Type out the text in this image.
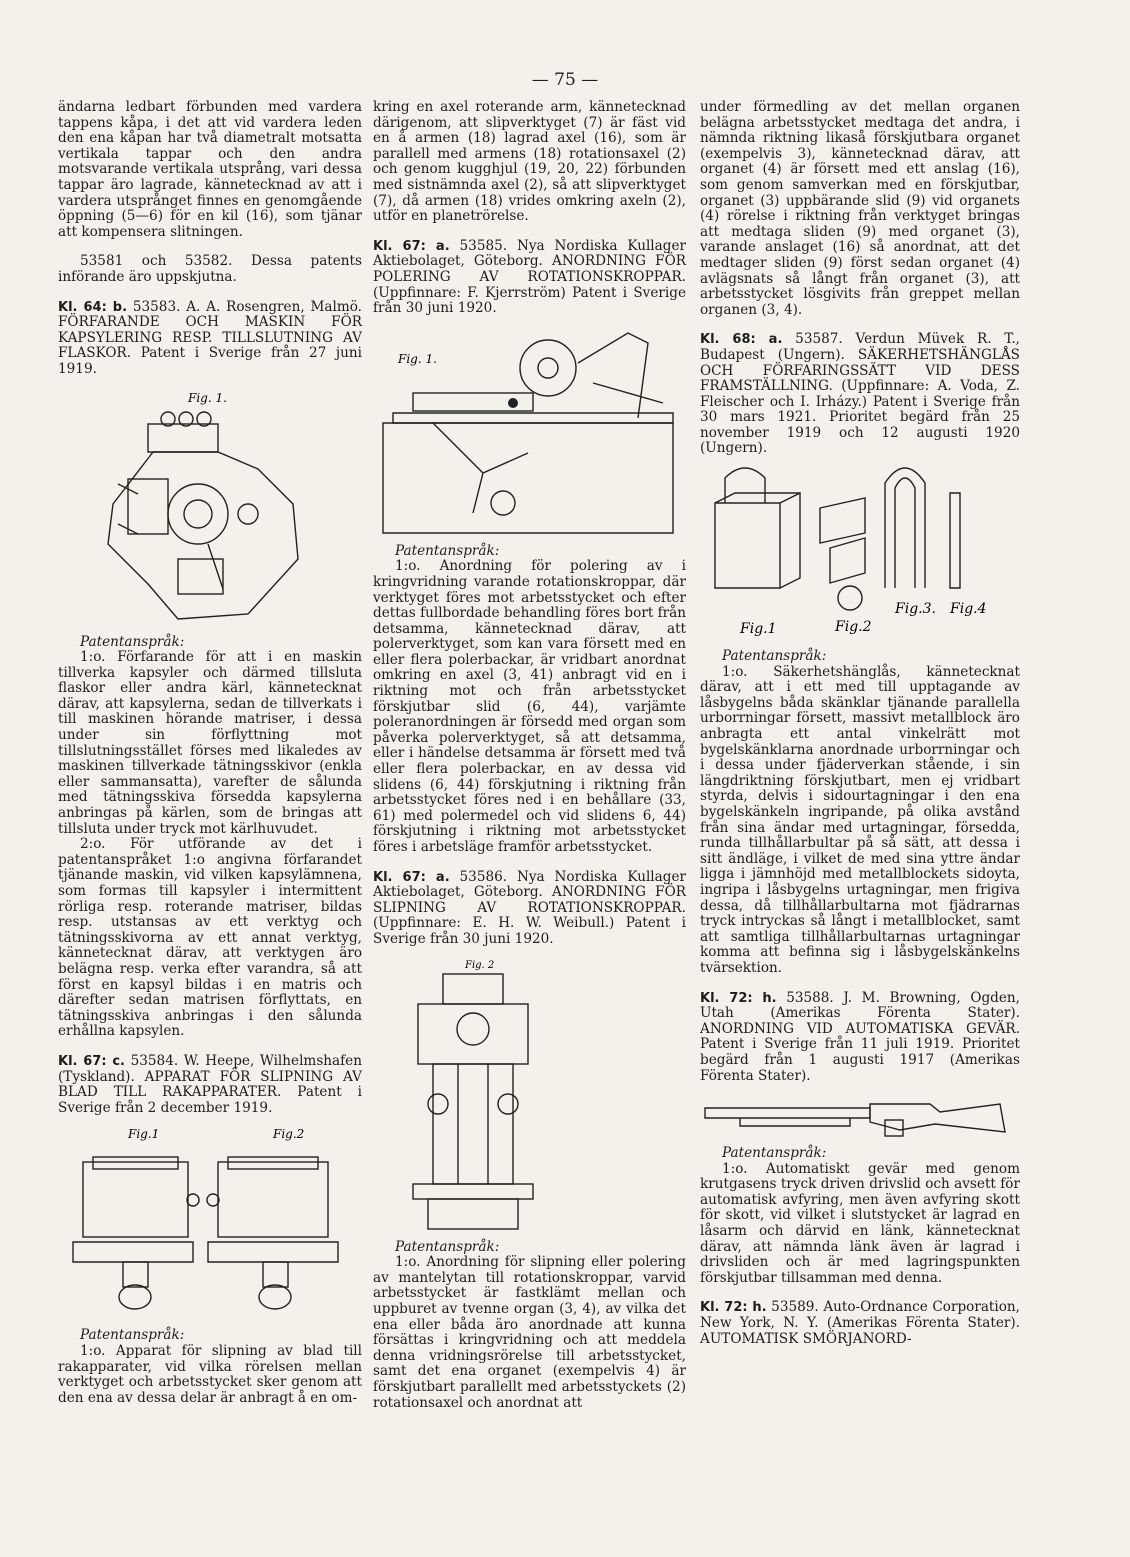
— 75 —

ändarna ledbart förbunden med vardera tappens kåpa, i det att vid vardera leden den ena kåpan har två diametralt motsatta vertikala tappar och den andra motsvarande vertikala utsprång, vari dessa tappar äro lagrade, kännetecknad av att i vardera utsprånget finnes en genomgående öppning (5—6) för en kil (16), som tjänar att kompensera slitningen.

53581 och 53582. Dessa patents införande äro uppskjutna.

Kl. 64: b. 53583. A. A. Rosengren, Malmö. FÖRFARANDE OCH MASKIN FÖR KAPSYLERING RESP. TILLSLUTNING AV FLASKOR. Patent i Sverige från 27 juni 1919.

Fig. 1.

Patentanspråk:

1:o. Förfarande för att i en maskin tillverka kapsyler och därmed tillsluta flaskor eller andra kärl, kännetecknat därav, att kapsylerna, sedan de tillverkats i till maskinen hörande matriser, i dessa under sin förflyttning mot tillslutningsstället förses med likaledes av maskinen tillverkade tätningsskivor (enkla eller sammansatta), varefter de sålunda med tätningsskiva försedda kapsylerna anbringas på kärlen, som de bringas att tillsluta under tryck mot kärlhuvudet.

2:o. För utförande av det i patentanspråket 1:o angivna förfarandet tjänande maskin, vid vilken kapsylämnena, som formas till kapsyler i intermittent rörliga resp. roterande matriser, bildas resp. utstansas av ett verktyg och tätningsskivorna av ett annat verktyg, kännetecknat därav, att verktygen äro belägna resp. verka efter varandra, så att först en kapsyl bildas i en matris och därefter sedan matrisen förflyttats, en tätningsskiva anbringas i den sålunda erhållna kapsylen.

Kl. 67: c. 53584. W. Heepe, Wilhelmshafen (Tyskland). APPARAT FÖR SLIPNING AV BLAD TILL RAKAPPARATER. Patent i Sverige från 2 december 1919.

Fig.1	Fig.2

Patentanspråk:

1:o. Apparat för slipning av blad till rakapparater, vid vilka rörelsen mellan verktyget och arbetsstycket sker genom att den ena av dessa delar är anbragt å en om-

kring en axel roterande arm, kännetecknad därigenom, att slipverktyget (7) är fäst vid en å armen (18) lagrad axel (16), som är parallell med armens (18) rotationsaxel (2) och genom kugghjul (19, 20, 22) förbunden med sistnämnda axel (2), så att slipverktyget (7), då armen (18) vrides omkring axeln (2), utför en planetrörelse.

Kl. 67: a. 53585. Nya Nordiska Kullager Aktiebolaget, Göteborg. ANORDNING FÖR POLERING AV ROTATIONSKROPPAR. (Uppfinnare: F. Kjerrström) Patent i Sverige från 30 juni 1920.

Fig. 1.

Patentanspråk:

1:o. Anordning för polering av i kringvridning varande rotationskroppar, där verktyget föres mot arbetsstycket och efter dettas fullbordade behandling föres bort från detsamma, kännetecknad därav, att polerverktyget, som kan vara försett med en eller flera polerbackar, är vridbart anordnat omkring en axel (3, 41) anbragt vid en i riktning mot och från arbetsstycket förskjutbar slid (6, 44), varjämte poleranordningen är försedd med organ som påverka polerverktyget, så att detsamma, eller i händelse detsamma är försett med två eller flera polerbackar, en av dessa vid slidens (6, 44) förskjutning i riktning från arbetsstycket föres ned i en behållare (33, 61) med polermedel och vid slidens 6, 44) förskjutning i riktning mot arbetsstycket föres i arbetsläge framför arbetsstycket.

Kl. 67: a. 53586. Nya Nordiska Kullager Aktiebolaget, Göteborg. ANORDNING FÖR SLIPNING AV ROTATIONSKROPPAR. (Uppfinnare: E. H. W. Weibull.) Patent i Sverige från 30 juni 1920.

Fig. 2

Patentanspråk:

1:o. Anordning för slipning eller polering av mantelytan till rotationskroppar, varvid arbetsstycket är fastklämt mellan och uppburet av tvenne organ (3, 4), av vilka det ena eller båda äro anordnade att kunna försättas i kringvridning och att meddela denna vridningsrörelse till arbetsstycket, samt det ena organet (exempelvis 4) är förskjutbart parallellt med arbetsstyckets (2) rotationsaxel och anordnat att

under förmedling av det mellan organen belägna arbetsstycket medtaga det andra, i nämnda riktning likaså förskjutbara organet (exempelvis 3), kännetecknad därav, att organet (4) är försett med ett anslag (16), som genom samverkan med en förskjutbar, organet (3) uppbärande slid (9) vid organets (4) rörelse i riktning från verktyget bringas att medtaga sliden (9) med organet (3), varande anslaget (16) så anordnat, att det medtager sliden (9) först sedan organet (4) avlägsnats så långt från organet (3), att arbetsstycket lösgivits från greppet mellan organen (3, 4).

Kl. 68: a. 53587. Verdun Müvek R. T., Budapest (Ungern). SÄKERHETSHÄNGLÅS OCH FÖRFARINGSSÄTT VID DESS FRAMSTÄLLNING. (Uppfinnare: A. Voda, Z. Fleischer och I. Irházy.) Patent i Sverige från 30 mars 1921. Prioritet begärd från 25 november 1919 och 12 augusti 1920 (Ungern).

Fig.1	Fig.2
Fig.3. Fig.4

Patentanspråk:

1:o. Säkerhetshänglås, kännetecknat därav, att i ett med till upptagande av låsbygelns båda skänklar tjänande parallella urborrningar försett, massivt metallblock äro anbragta ett antal vinkelrätt mot bygelskänklarna anordnade urborrningar och i dessa under fjäderverkan stående, i sin längdriktning förskjutbart, men ej vridbart styrda, delvis i sidourtagningar i den ena bygelskänkeln ingripande, på olika avstånd från sina ändar med urtagningar, försedda, runda tillhållarbultar på så sätt, att dessa i sitt ändläge, i vilket de med sina yttre ändar ligga i jämnhöjd med metallblockets sidoyta, ingripa i låsbygelns urtagningar, men frigiva dessa, då tillhållarbultarna mot fjädrarnas tryck intryckas så långt i metallblocket, samt att samtliga tillhållarbultarnas urtagningar komma att befinna sig i låsbygelskänkelns tvärsektion.

Kl. 72: h. 53588. J. M. Browning, Ogden, Utah (Amerikas Förenta Stater). ANORDNING VID AUTOMATISKA GEVÄR. Patent i Sverige från 11 juli 1919. Prioritet begärd från 1 augusti 1917 (Amerikas Förenta Stater).

Patentanspråk:

1:o. Automatiskt gevär med genom krutgasens tryck driven drivslid och avsett för automatisk avfyring, men även avfyring skott för skott, vid vilket i slutstycket är lagrad en låsarm och därvid en länk, kännetecknat därav, att nämnda länk även är lagrad i drivsliden och är med lagringspunkten förskjutbar tillsamman med denna.

Kl. 72: h. 53589. Auto-Ordnance Corporation, New York, N. Y. (Amerikas Förenta Stater). AUTOMATISK SMÖRJANORD-
